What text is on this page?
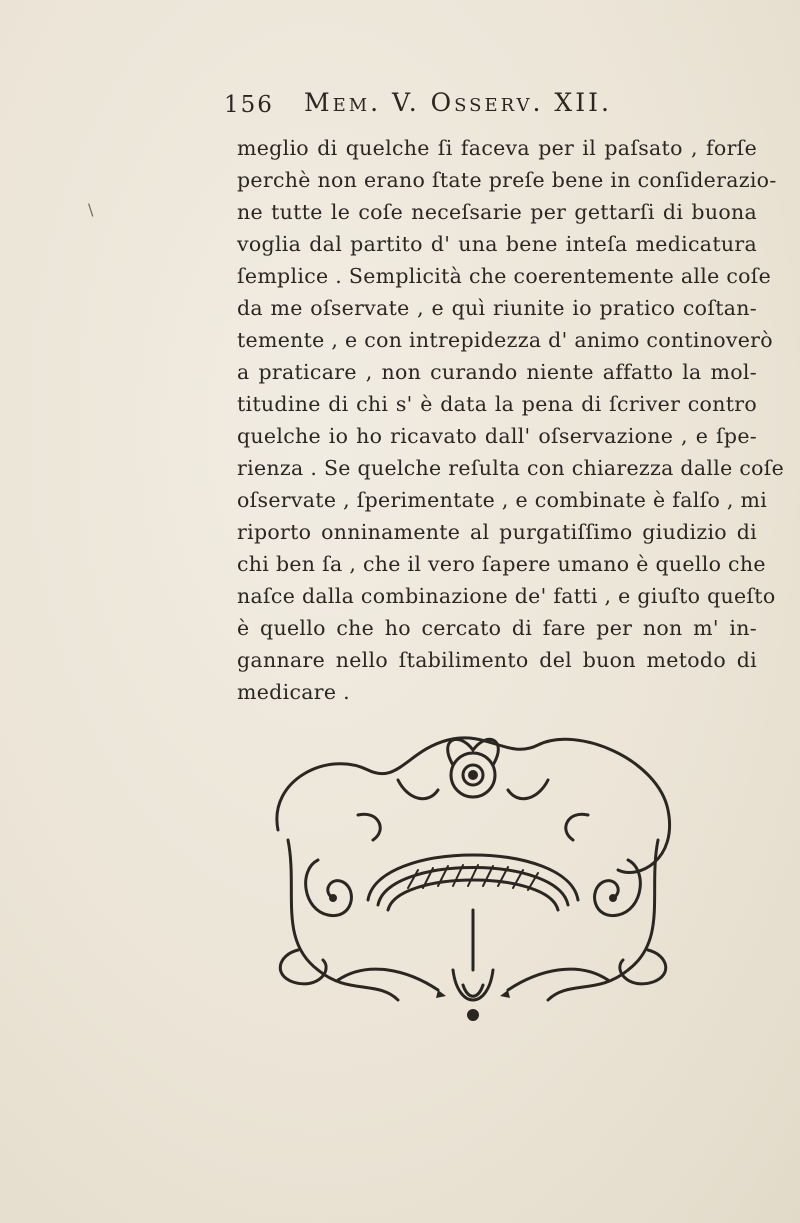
156 Mem. V. Osserv. XII.
meglio di quelche ſi faceva per il paſsato , forſe
perchè non erano ſtate preſe bene in conſiderazio-
ne tutte le coſe neceſsarie per gettarſi di buona
voglia dal partito d' una bene inteſa medicatura
ſemplice . Semplicità che coerentemente alle coſe
da me oſservate , e quì riunite io pratico coſtan-
temente , e con intrepidezza d' animo continoverò
a praticare , non curando niente affatto la mol-
titudine di chi s' è data la pena di ſcriver contro
quelche io ho ricavato dall' oſservazione , e ſpe-
rienza . Se quelche reſulta con chiarezza dalle coſe
oſservate , ſperimentate , e combinate è falſo , mi
riporto onninamente al purgatiſſimo giudizio di
chi ben ſa , che il vero ſapere umano è quello che
naſce dalla combinazione de' fatti , e giuſto queſto
è quello che ho cercato di fare per non m' in-
gannare nello ſtabilimento del buon metodo di
medicare .
\
